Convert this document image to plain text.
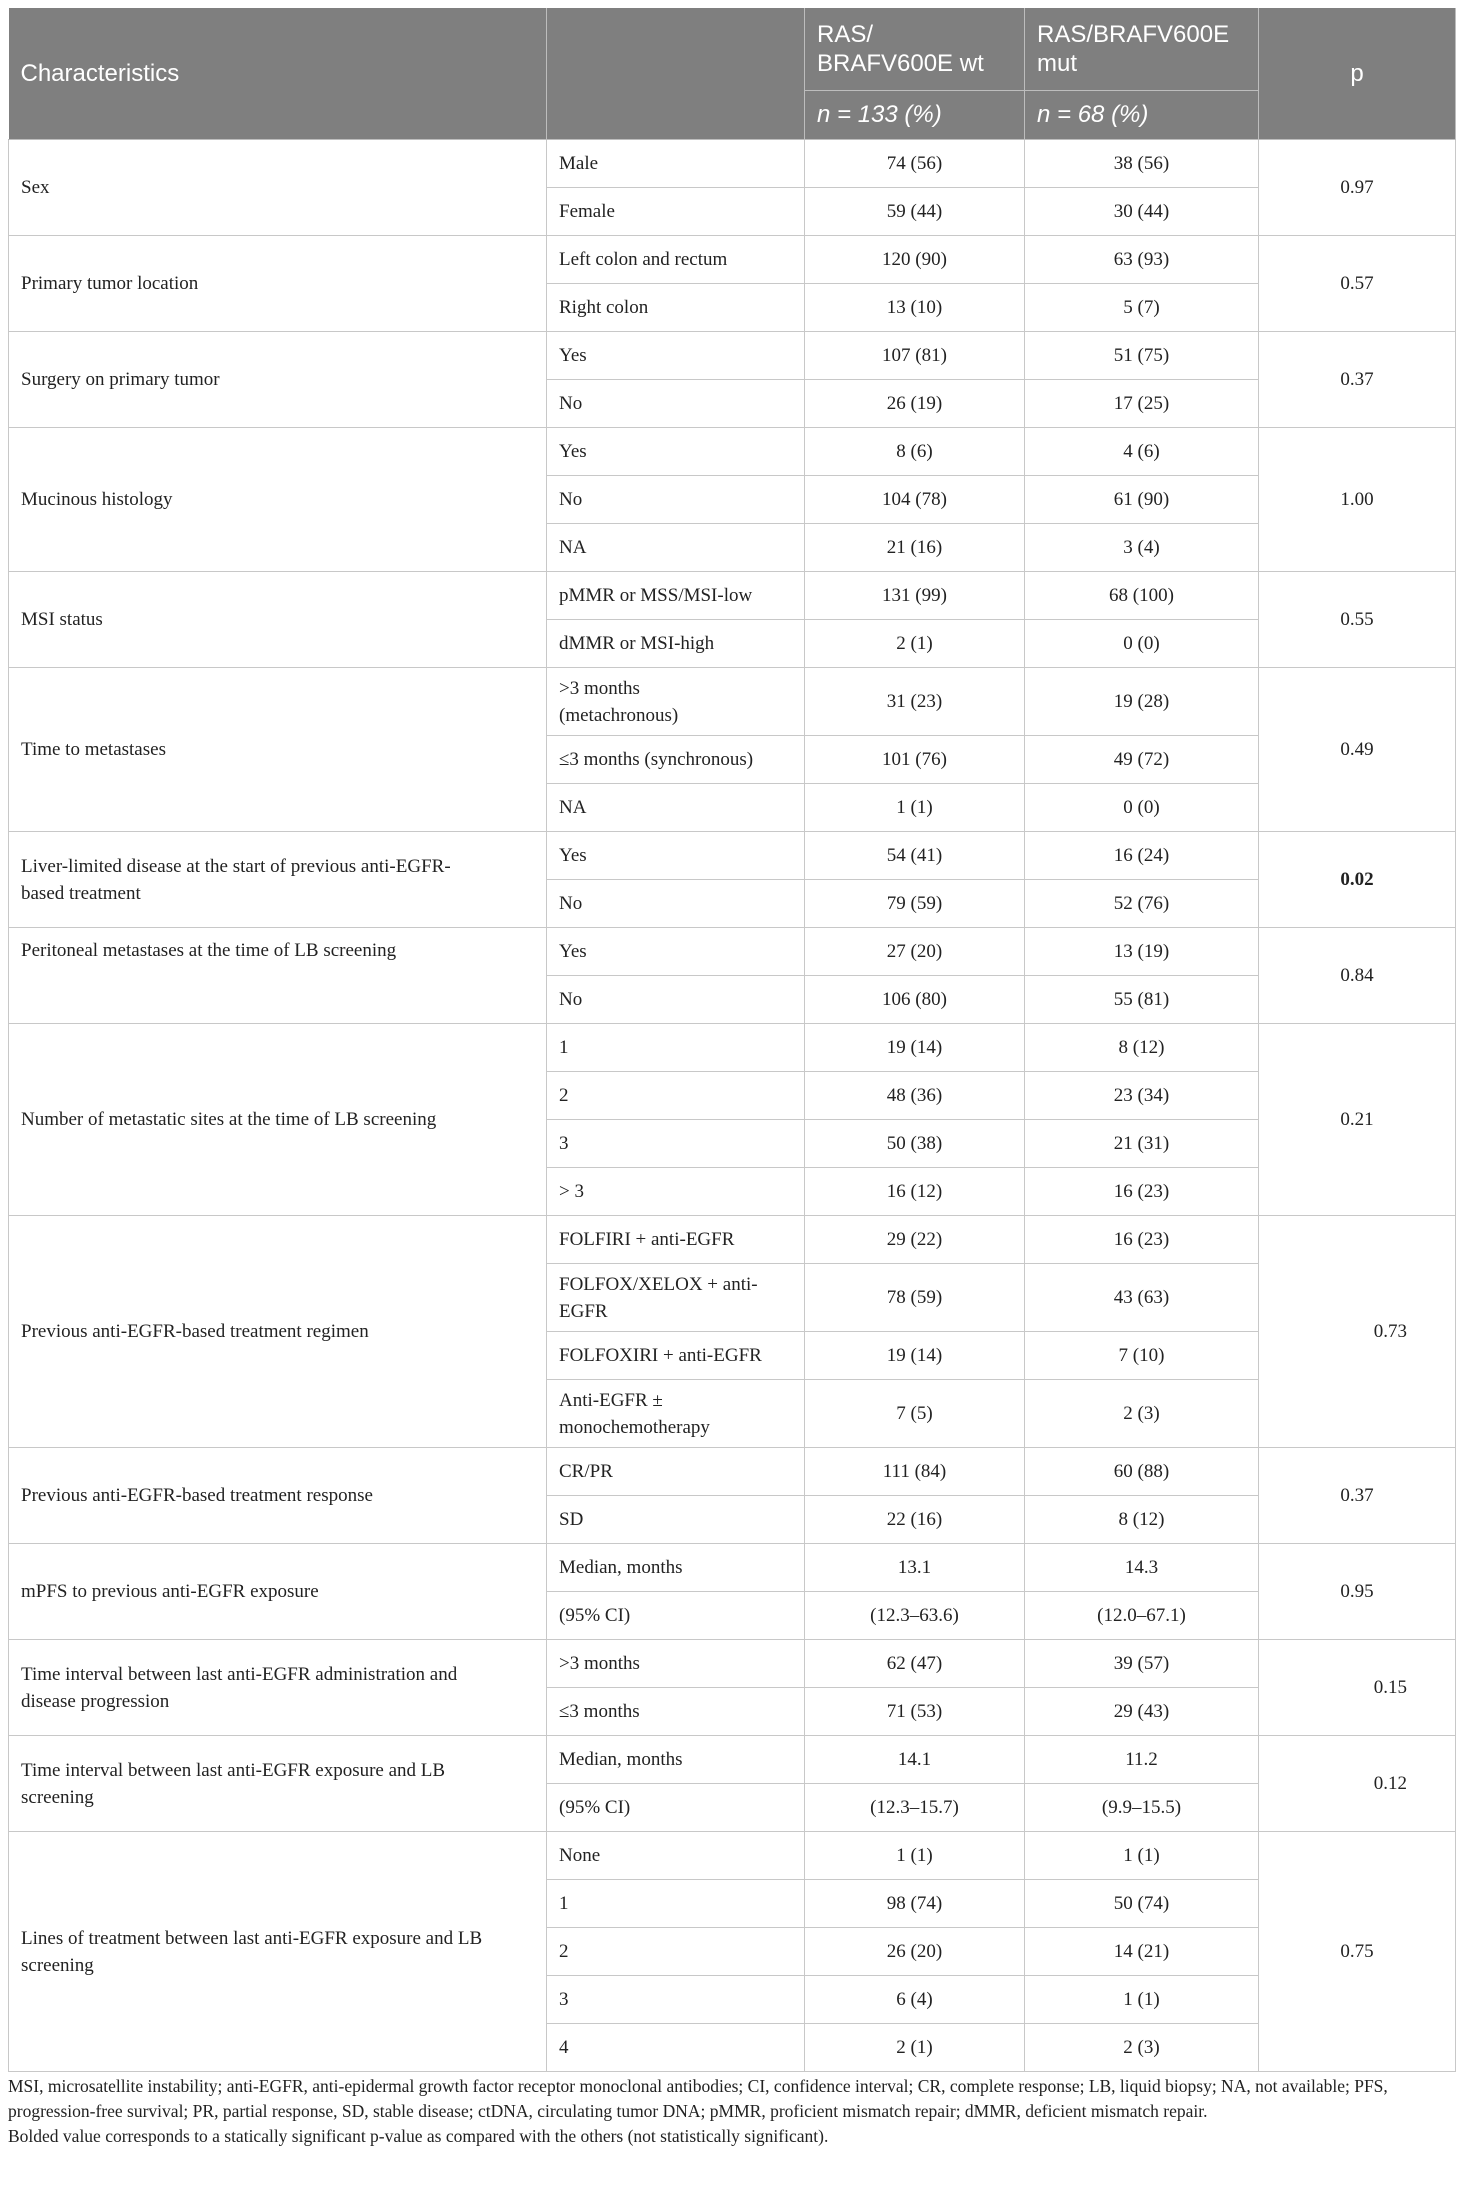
Characteristics		RAS/
BRAFV600E wt	RAS/BRAFV600E
mut	p
		n = 133 (%)	n = 68 (%)	
Sex	Male	74 (56)	38 (56)	0.97
	Female	59 (44)	30 (44)	
Primary tumor location	Left colon and rectum	120 (90)	63 (93)	0.57
	Right colon	13 (10)	5 (7)	
Surgery on primary tumor	Yes	107 (81)	51 (75)	0.37
	No	26 (19)	17 (25)	
Mucinous histology	Yes	8 (6)	4 (6)	1.00
	No	104 (78)	61 (90)	
	NA	21 (16)	3 (4)	
MSI status	pMMR or MSS/MSI-low	131 (99)	68 (100)	0.55
	dMMR or MSI-high	2 (1)	0 (0)	
Time to metastases	>3 months
(metachronous)	31 (23)	19 (28)	0.49
	≤3 months (synchronous)	101 (76)	49 (72)	
	NA	1 (1)	0 (0)	
Liver-limited disease at the start of previous anti-EGFR-
based treatment	Yes	54 (41)	16 (24)	0.02
	No	79 (59)	52 (76)	
Peritoneal metastases at the time of LB screening	Yes	27 (20)	13 (19)	0.84
	No	106 (80)	55 (81)	
Number of metastatic sites at the time of LB screening	1	19 (14)	8 (12)	0.21
	2	48 (36)	23 (34)	
	3	50 (38)	21 (31)	
	> 3	16 (12)	16 (23)	
Previous anti-EGFR-based treatment regimen	FOLFIRI + anti-EGFR	29 (22)	16 (23)	0.73
	FOLFOX/XELOX + anti-
EGFR	78 (59)	43 (63)	
	FOLFOXIRI + anti-EGFR	19 (14)	7 (10)	
	Anti-EGFR ±
monochemotherapy	7 (5)	2 (3)	
Previous anti-EGFR-based treatment response	CR/PR	111 (84)	60 (88)	0.37
	SD	22 (16)	8 (12)	
mPFS to previous anti-EGFR exposure	Median, months	13.1	14.3	0.95
	(95% CI)	(12.3–63.6)	(12.0–67.1)	
Time interval between last anti-EGFR administration and
disease progression	>3 months	62 (47)	39 (57)	0.15
	≤3 months	71 (53)	29 (43)	
Time interval between last anti-EGFR exposure and LB
screening	Median, months	14.1	11.2	0.12
	(95% CI)	(12.3–15.7)	(9.9–15.5)	
Lines of treatment between last anti-EGFR exposure and LB
screening	None	1 (1)	1 (1)	0.75
	1	98 (74)	50 (74)	
	2	26 (20)	14 (21)	
	3	6 (4)	1 (1)	
	4	2 (1)	2 (3)	
MSI, microsatellite instability; anti-EGFR, anti-epidermal growth factor receptor monoclonal antibodies; CI, confidence interval; CR, complete response; LB, liquid biopsy; NA, not available; PFS, progression-free survival; PR, partial response, SD, stable disease; ctDNA, circulating tumor DNA; pMMR, proficient mismatch repair; dMMR, deficient mismatch repair.
Bolded value corresponds to a statically significant p-value as compared with the others (not statistically significant).
